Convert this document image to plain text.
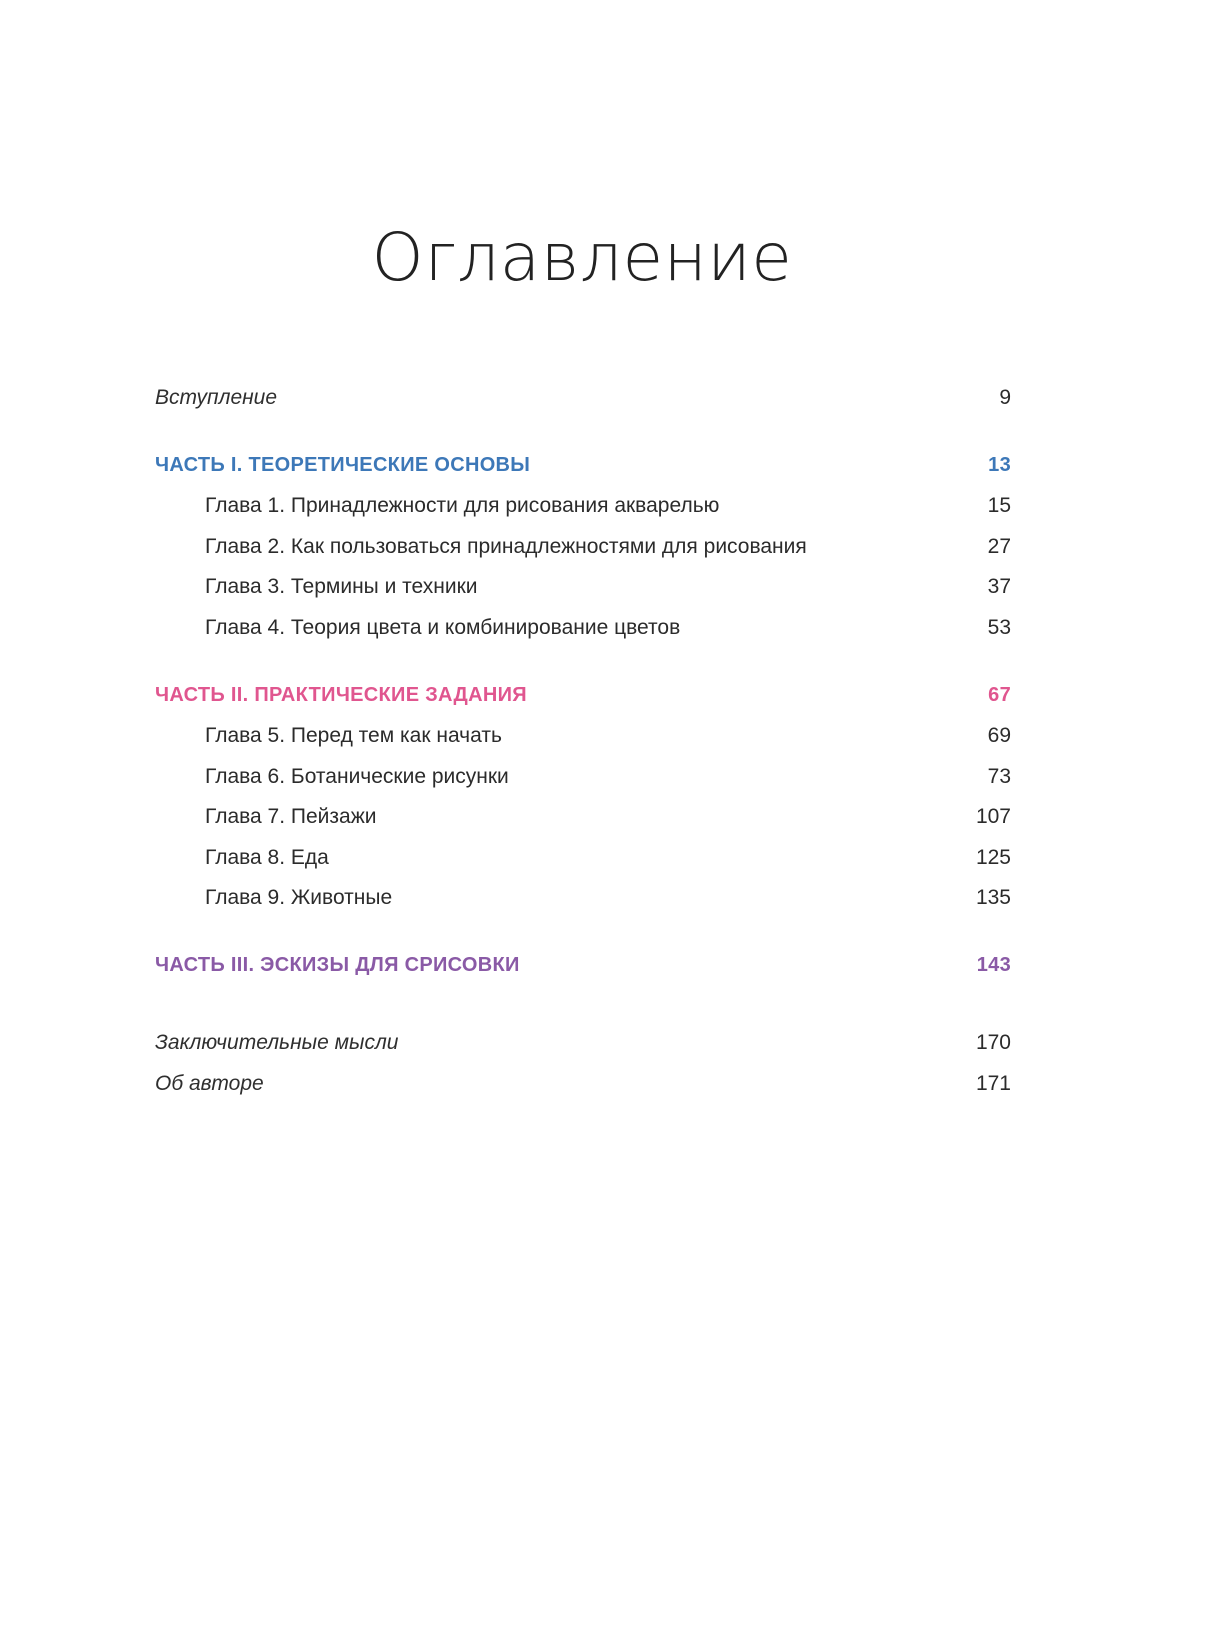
Оглавление
Вступление	9
ЧАСТЬ I. ТЕОРЕТИЧЕСКИЕ ОСНОВЫ	13
Глава 1. Принадлежности для рисования акварелью	15
Глава 2. Как пользоваться принадлежностями для рисования	27
Глава 3. Термины и техники	37
Глава 4. Теория цвета и комбинирование цветов	53
ЧАСТЬ II. ПРАКТИЧЕСКИЕ ЗАДАНИЯ	67
Глава 5. Перед тем как начать	69
Глава 6. Ботанические рисунки	73
Глава 7. Пейзажи	107
Глава 8. Еда	125
Глава 9. Животные	135
ЧАСТЬ III. ЭСКИЗЫ ДЛЯ СРИСОВКИ	143
Заключительные мысли	170
Об авторе	171
